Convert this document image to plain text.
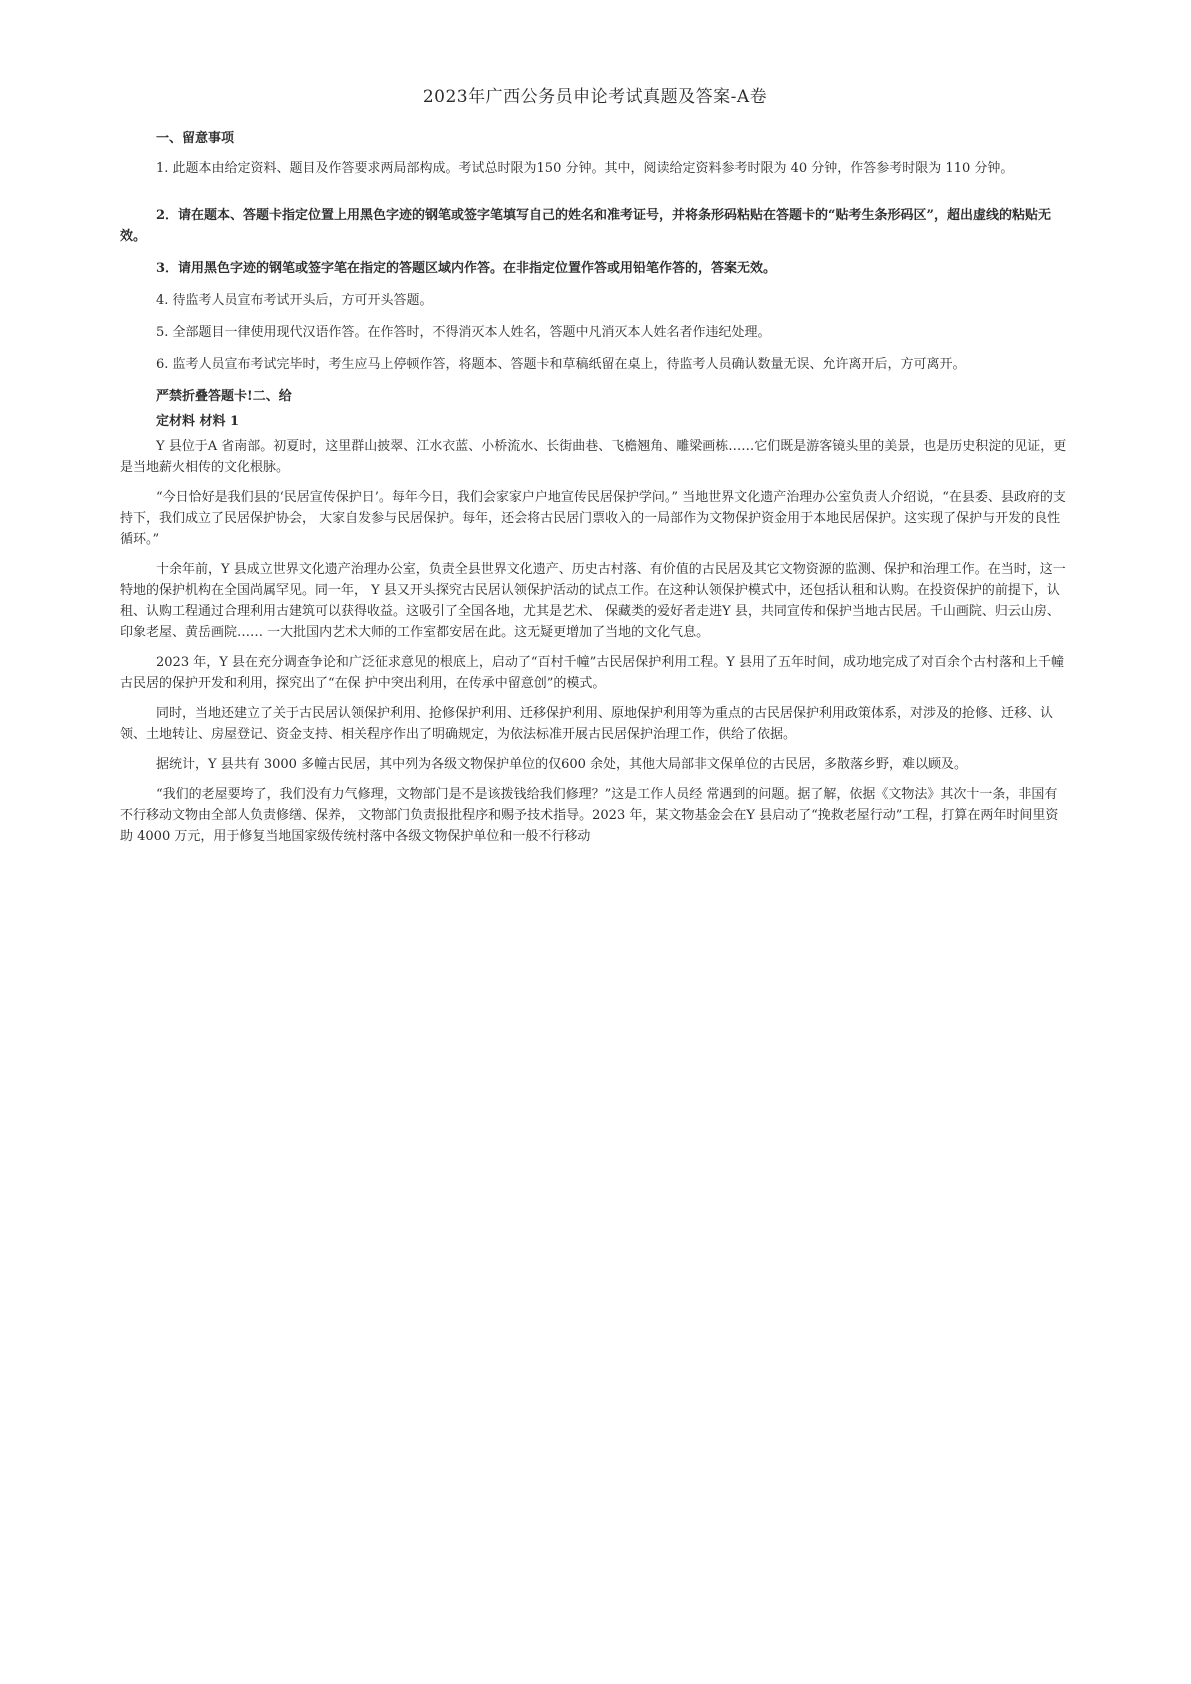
2023年广西公务员申论考试真题及答案-A卷
一、留意事项

1. 此题本由给定资料、题目及作答要求两局部构成。考试总时限为150 分钟。其中，阅读给定资料参考时限为 40 分钟，作答参考时限为 110 分钟。

2．请在题本、答题卡指定位置上用黑色字迹的钢笔或签字笔填写自己的姓名和准考证号，并将条形码粘贴在答题卡的“贴考生条形码区”，超出虚线的粘贴无效。

3．请用黑色字迹的钢笔或签字笔在指定的答题区域内作答。在非指定位置作答或用铅笔作答的，答案无效。

4. 待监考人员宣布考试开头后，方可开头答题。

5. 全部题目一律使用现代汉语作答。在作答时，不得消灭本人姓名，答题中凡消灭本人姓名者作违纪处理。

6. 监考人员宣布考试完毕时，考生应马上停顿作答，将题本、答题卡和草稿纸留在桌上，待监考人员确认数量无误、允许离开后，方可离开。

严禁折叠答题卡!二、给

定材料 材料 1

Y 县位于A 省南部。初夏时，这里群山披翠、江水衣蓝、小桥流水、长街曲巷、飞檐翘角、雕梁画栋……它们既是游客镜头里的美景，也是历史积淀的见证，更是当地薪火相传的文化根脉。

“今日恰好是我们县的‘民居宣传保护日’。每年今日，我们会家家户户地宣传民居保护学问。” 当地世界文化遗产治理办公室负责人介绍说，“在县委、县政府的支持下，我们成立了民居保护协会， 大家自发参与民居保护。每年，还会将古民居门票收入的一局部作为文物保护资金用于本地民居保护。这实现了保护与开发的良性循环。”

十余年前，Y 县成立世界文化遗产治理办公室，负责全县世界文化遗产、历史古村落、有价值的古民居及其它文物资源的监测、保护和治理工作。在当时，这一特地的保护机构在全国尚属罕见。同一年， Y 县又开头探究古民居认领保护活动的试点工作。在这种认领保护模式中，还包括认租和认购。在投资保护的前提下，认租、认购工程通过合理利用古建筑可以获得收益。这吸引了全国各地，尤其是艺术、 保藏类的爱好者走进Y 县，共同宣传和保护当地古民居。千山画院、归云山房、印象老屋、黄岳画院…… 一大批国内艺术大师的工作室都安居在此。这无疑更增加了当地的文化气息。

2023 年，Y 县在充分调查争论和广泛征求意见的根底上，启动了“百村千幢”古民居保护利用工程。Y 县用了五年时间，成功地完成了对百余个古村落和上千幢古民居的保护开发和利用，探究出了“在保 护中突出利用，在传承中留意创”的模式。

同时，当地还建立了关于古民居认领保护利用、抢修保护利用、迁移保护利用、原地保护利用等为重点的古民居保护利用政策体系，对涉及的抢修、迁移、认领、土地转让、房屋登记、资金支持、相关程序作出了明确规定，为依法标准开展古民居保护治理工作，供给了依据。

据统计，Y 县共有 3000 多幢古民居，其中列为各级文物保护单位的仅600 余处，其他大局部非文保单位的古民居，多散落乡野，难以顾及。

“我们的老屋要垮了，我们没有力气修理，文物部门是不是该拨钱给我们修理？”这是工作人员经 常遇到的问题。据了解，依据《文物法》其次十一条，非国有不行移动文物由全部人负责修缮、保养， 文物部门负责报批程序和赐予技术指导。2023 年，某文物基金会在Y 县启动了“挽救老屋行动”工程，打算在两年时间里资助 4000 万元，用于修复当地国家级传统村落中各级文物保护单位和一般不行移动
